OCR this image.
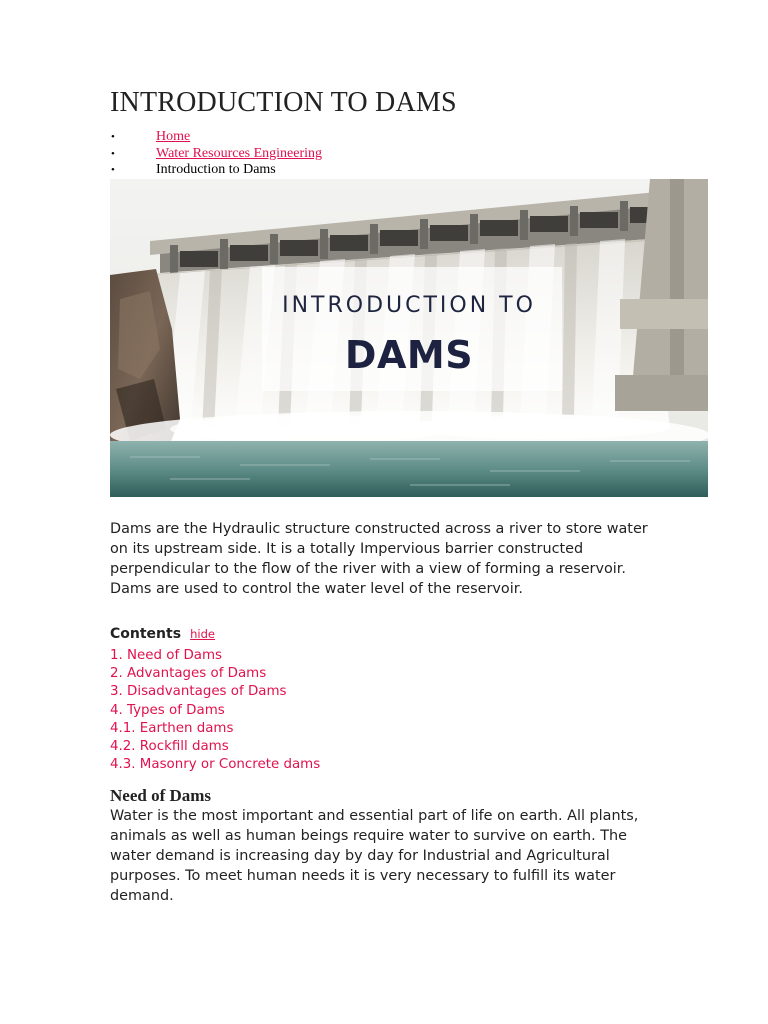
INTRODUCTION TO DAMS
•	Home
•	Water Resources Engineering
•	Introduction to Dams
INTRODUCTION TO
DAMS

Dams are the Hydraulic structure constructed across a river to store water on its upstream side. It is a totally Impervious barrier constructed perpendicular to the flow of the river with a view of forming a reservoir. Dams are used to control the water level of the reservoir.

Contents hide
1. Need of Dams
2. Advantages of Dams
3. Disadvantages of Dams
4. Types of Dams
4.1. Earthen dams
4.2. Rockfill dams
4.3. Masonry or Concrete dams
Need of Dams

Water is the most important and essential part of life on earth. All plants, animals as well as human beings require water to survive on earth. The water demand is increasing day by day for Industrial and Agricultural purposes. To meet human needs it is very necessary to fulfill its water demand.
